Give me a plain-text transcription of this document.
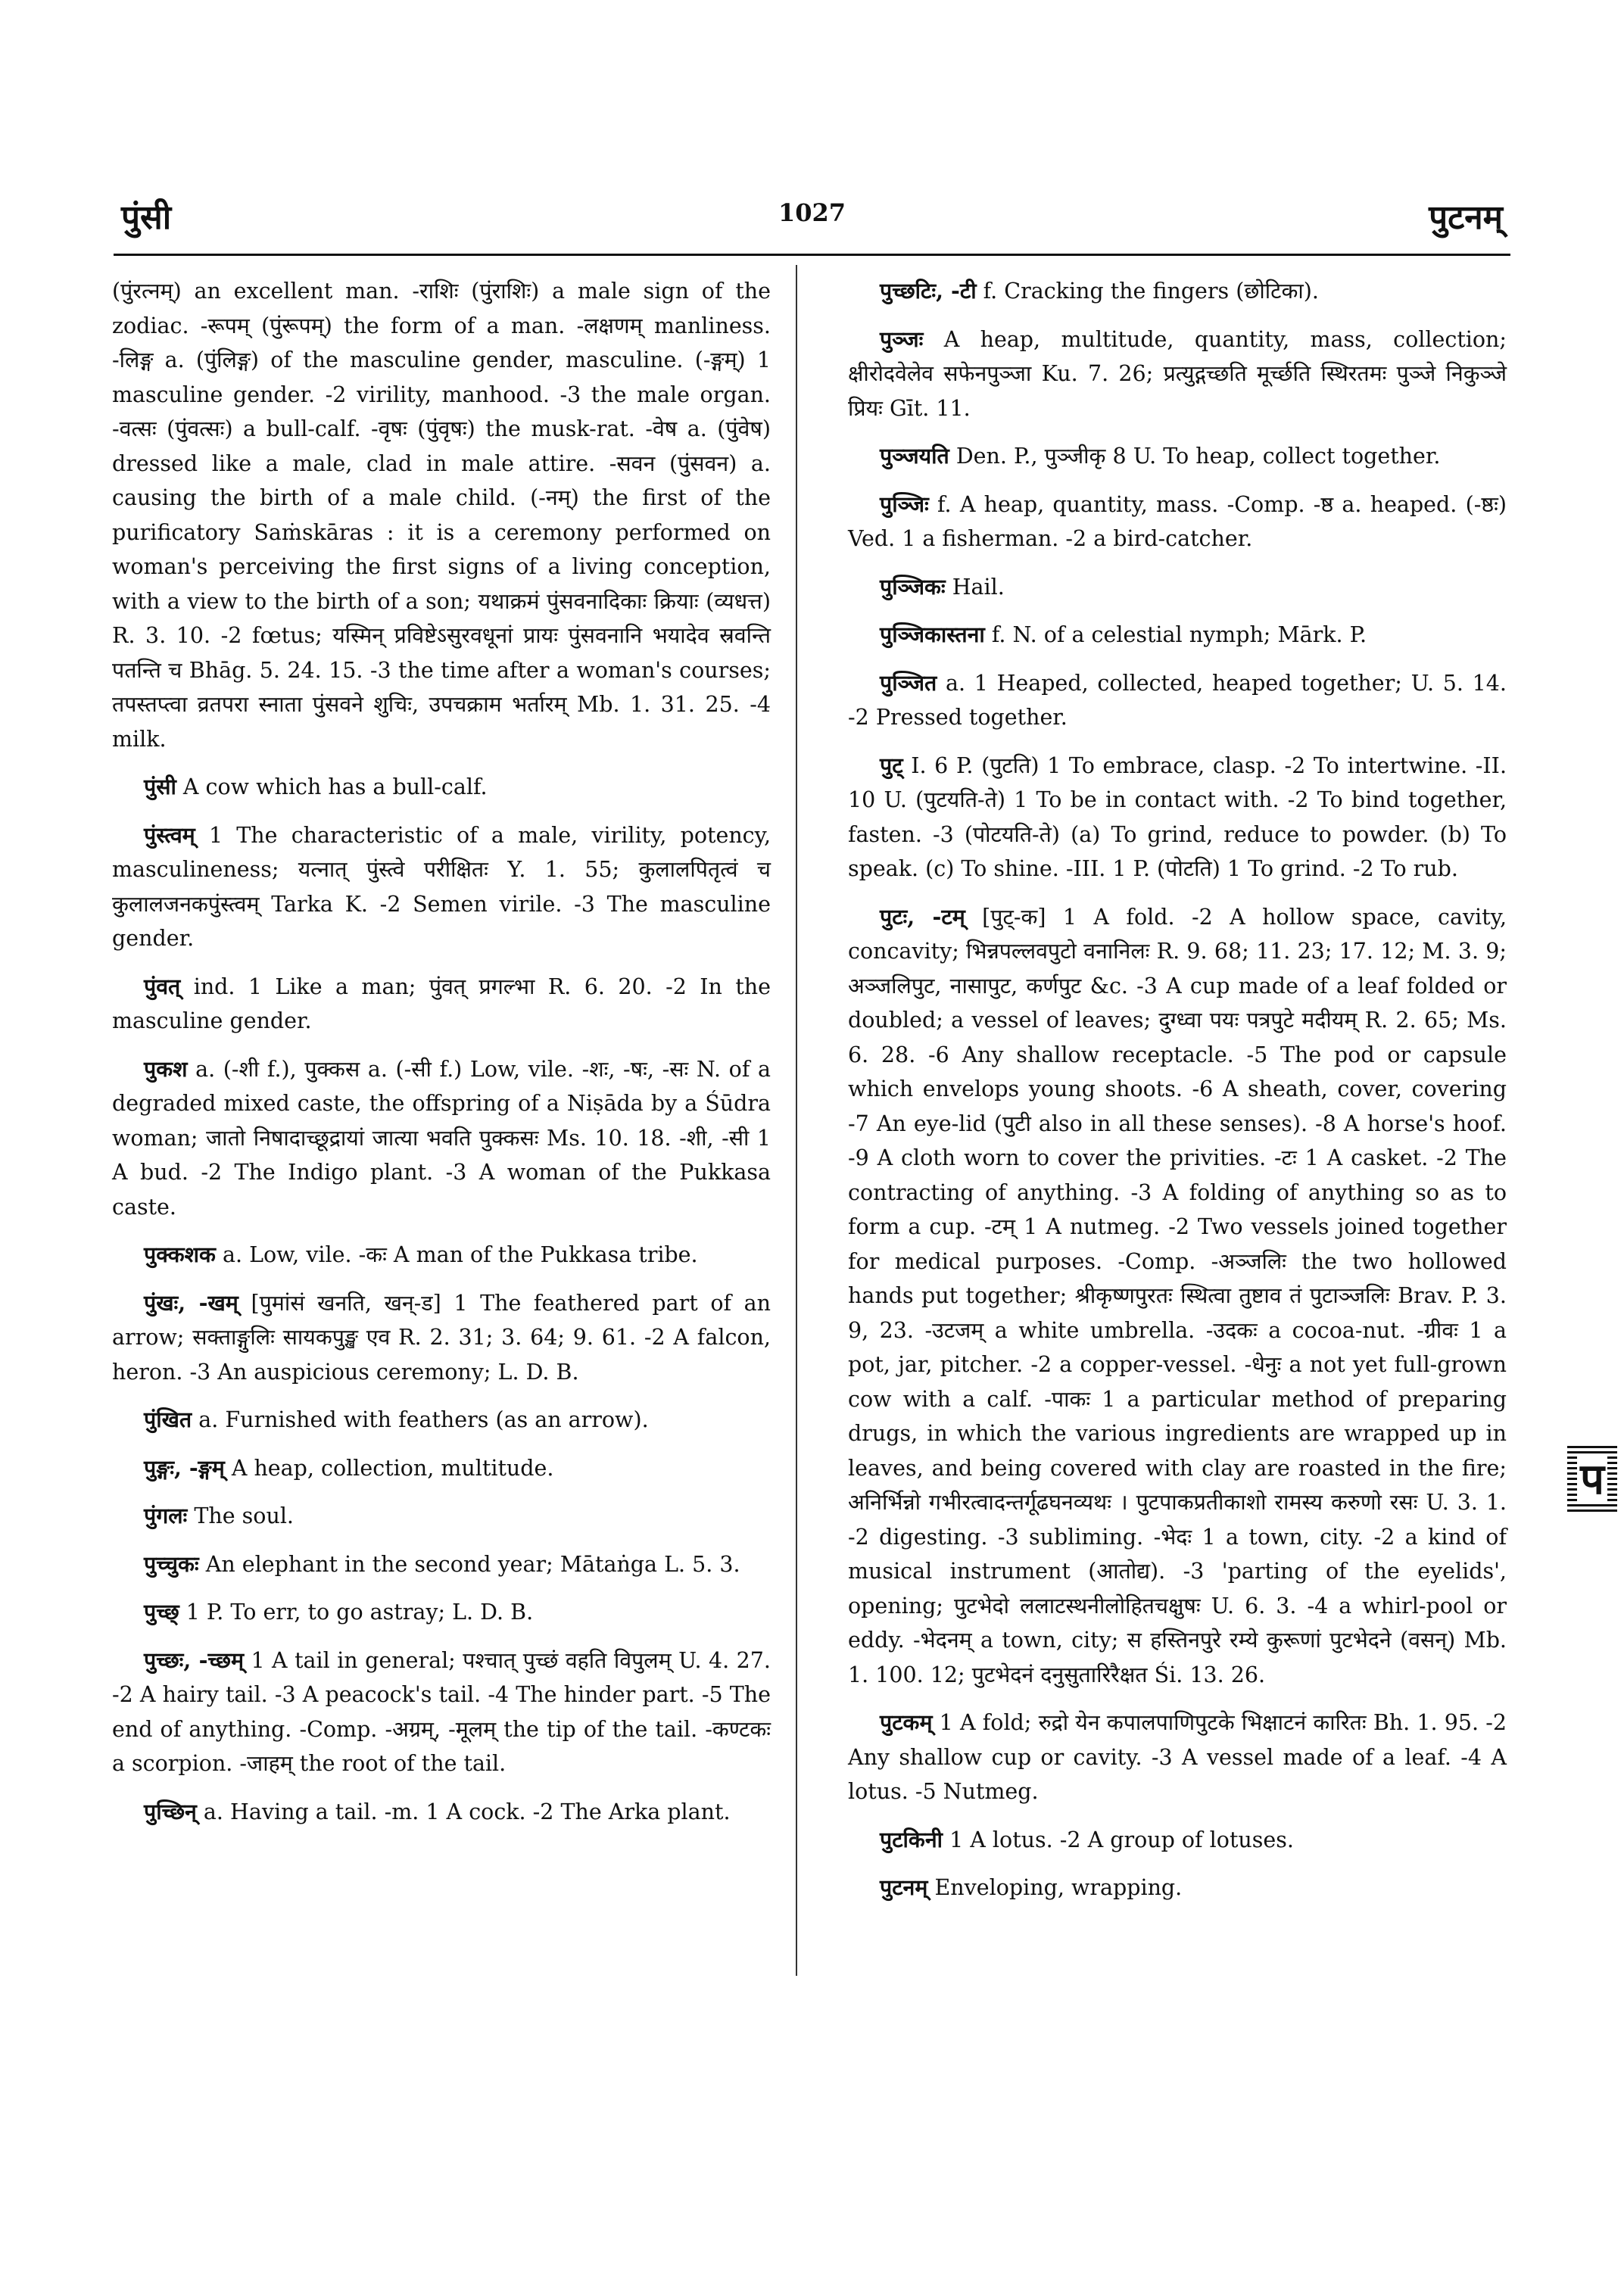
पुंसी	1027	पुटनम्

(पुंरत्नम्) an excellent man. -राशिः (पुंराशिः) a male sign of the zodiac. -रूपम् (पुंरूपम्) the form of a man. -लक्षणम् manliness. -लिङ्ग a. (पुंलिङ्ग) of the masculine gender, masculine. (-ङ्गम्) 1 masculine gender. -2 virility, manhood. -3 the male organ. -वत्सः (पुंवत्सः) a bull-calf. -वृषः (पुंवृषः) the musk-rat. -वेष a. (पुंवेष) dressed like a male, clad in male attire. -सवन (पुंसवन) a. causing the birth of a male child. (-नम्) the first of the purificatory Saṁskāras : it is a ceremony performed on woman's perceiving the first signs of a living conception, with a view to the birth of a son; यथाक्रमं पुंसवनादिकाः क्रियाः (व्यधत्त) R. 3. 10. -2 fœtus; यस्मिन् प्रविष्टेऽसुरवधूनां प्रायः पुंसवनानि भयादेव स्रवन्ति पतन्ति च Bhāg. 5. 24. 15. -3 the time after a woman's courses; तपस्तप्त्वा व्रतपरा स्नाता पुंसवने शुचिः, उपचक्राम भर्तारम् Mb. 1. 31. 25. -4 milk.

पुंसी A cow which has a bull-calf.

पुंस्त्वम् 1 The characteristic of a male, virility, potency, masculineness; यत्नात् पुंस्त्वे परीक्षितः Y. 1. 55; कुलालपितृत्वं च कुलालजनकपुंस्त्वम् Tarka K. -2 Semen virile. -3 The masculine gender.

पुंवत् ind. 1 Like a man; पुंवत् प्रगल्भा R. 6. 20. -2 In the masculine gender.

पुकश a. (-शी f.), पुक्कस a. (-सी f.) Low, vile. -शः, -षः, -सः N. of a degraded mixed caste, the offspring of a Niṣāda by a Śūdra woman; जातो निषादाच्छूद्रायां जात्या भवति पुक्कसः Ms. 10. 18. -शी, -सी 1 A bud. -2 The Indigo plant. -3 A woman of the Pukkasa caste.

पुक्कशक a. Low, vile. -कः A man of the Pukkasa tribe.

पुंखः, -खम् [पुमांसं खनति, खन्-ड] 1 The feathered part of an arrow; सक्ताङ्गुलिः सायकपुङ्ख एव R. 2. 31; 3. 64; 9. 61. -2 A falcon, heron. -3 An auspicious ceremony; L. D. B.

पुंखित a. Furnished with feathers (as an arrow).

पुङ्गः, -ङ्गम् A heap, collection, multitude.

पुंगलः The soul.

पुच्चुकः An elephant in the second year; Mātaṅga L. 5. 3.

पुच्छ् 1 P. To err, to go astray; L. D. B.

पुच्छः, -च्छम् 1 A tail in general; पश्चात् पुच्छं वहति विपुलम् U. 4. 27. -2 A hairy tail. -3 A peacock's tail. -4 The hinder part. -5 The end of anything. -Comp. -अग्रम्, -मूलम् the tip of the tail. -कण्टकः a scorpion. -जाहम् the root of the tail.

पुच्छिन् a. Having a tail. -m. 1 A cock. -2 The Arka plant.

पुच्छटिः, -टी f. Cracking the fingers (छोटिका).

पुञ्जः A heap, multitude, quantity, mass, collection; क्षीरोदवेलेव सफेनपुञ्जा Ku. 7. 26; प्रत्युद्गच्छति मूर्च्छति स्थिरतमः पुञ्जे निकुञ्जे प्रियः Gīt. 11.

पुञ्जयति Den. P., पुञ्जीकृ 8 U. To heap, collect together.

पुञ्जिः f. A heap, quantity, mass. -Comp. -ष्ठ a. heaped. (-ष्ठः) Ved. 1 a fisherman. -2 a bird-catcher.

पुञ्जिकः Hail.

पुञ्जिकास्तना f. N. of a celestial nymph; Mārk. P.

पुञ्जित a. 1 Heaped, collected, heaped together; U. 5. 14. -2 Pressed together.

पुट् I. 6 P. (पुटति) 1 To embrace, clasp. -2 To intertwine. -II. 10 U. (पुटयति-ते) 1 To be in contact with. -2 To bind together, fasten. -3 (पोटयति-ते) (a) To grind, reduce to powder. (b) To speak. (c) To shine. -III. 1 P. (पोटति) 1 To grind. -2 To rub.

पुटः, -टम् [पुट्-क] 1 A fold. -2 A hollow space, cavity, concavity; भिन्नपल्लवपुटो वनानिलः R. 9. 68; 11. 23; 17. 12; M. 3. 9; अञ्जलिपुट, नासापुट, कर्णपुट &c. -3 A cup made of a leaf folded or doubled; a vessel of leaves; दुग्ध्वा पयः पत्रपुटे मदीयम् R. 2. 65; Ms. 6. 28. -6 Any shallow receptacle. -5 The pod or capsule which envelops young shoots. -6 A sheath, cover, covering -7 An eye-lid (पुटी also in all these senses). -8 A horse's hoof. -9 A cloth worn to cover the privities. -टः 1 A casket. -2 The contracting of anything. -3 A folding of anything so as to form a cup. -टम् 1 A nutmeg. -2 Two vessels joined together for medical purposes. -Comp. -अञ्जलिः the two hollowed hands put together; श्रीकृष्णपुरतः स्थित्वा तुष्टाव तं पुटाञ्जलिः Brav. P. 3. 9, 23. -उटजम् a white umbrella. -उदकः a cocoa-nut. -ग्रीवः 1 a pot, jar, pitcher. -2 a copper-vessel. -धेनुः a not yet full-grown cow with a calf. -पाकः 1 a particular method of preparing drugs, in which the various ingredients are wrapped up in leaves, and being covered with clay are roasted in the fire; अनिर्भिन्नो गभीरत्वादन्तर्गूढघनव्यथः । पुटपाकप्रतीकाशो रामस्य करुणो रसः U. 3. 1. -2 digesting. -3 subliming. -भेदः 1 a town, city. -2 a kind of musical instrument (आतोद्य). -3 'parting of the eyelids', opening; पुटभेदो ललाटस्थनीलोहितचक्षुषः U. 6. 3. -4 a whirl-pool or eddy. -भेदनम् a town, city; स हस्तिनपुरे रम्ये कुरूणां पुटभेदने (वसन्) Mb. 1. 100. 12; पुटभेदनं दनुसुतारिरैक्षत Śi. 13. 26.

पुटकम् 1 A fold; रुद्रो येन कपालपाणिपुटके भिक्षाटनं कारितः Bh. 1. 95. -2 Any shallow cup or cavity. -3 A vessel made of a leaf. -4 A lotus. -5 Nutmeg.

पुटकिनी 1 A lotus. -2 A group of lotuses.

पुटनम् Enveloping, wrapping.

प
